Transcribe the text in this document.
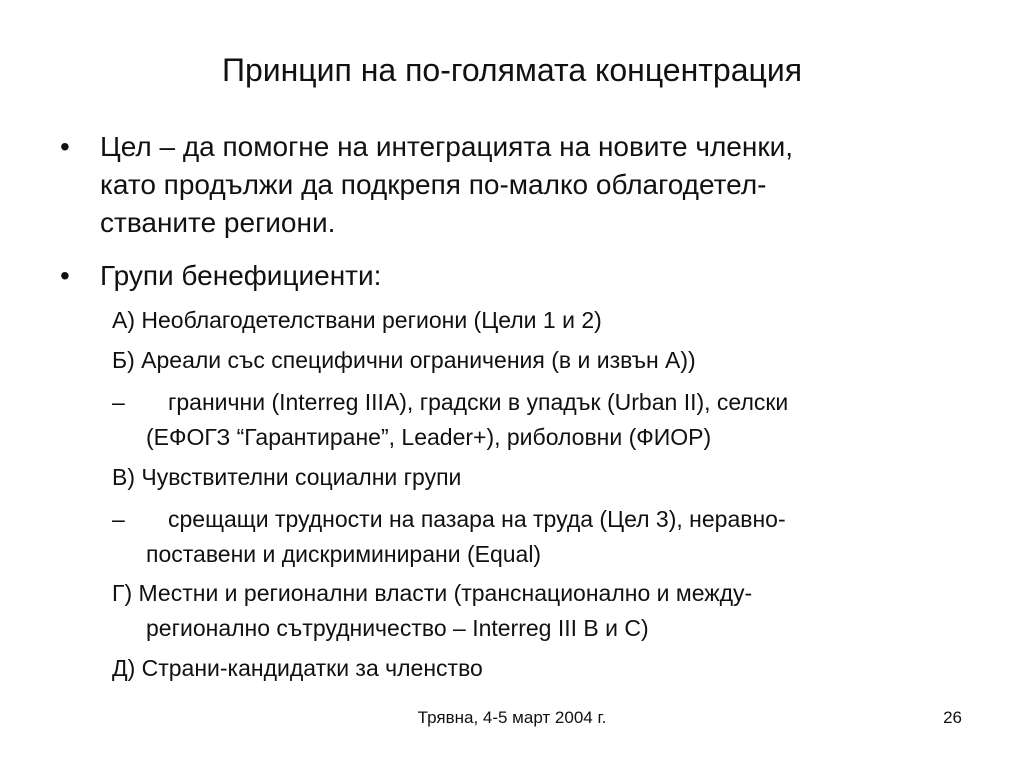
Принцип на по-голямата концентрация
• Цел – да помогне на интеграцията на новите членки,
като продължи да подкрепя по-малко облагодетел-
стваните региони.
• Групи бенефициенти:
А) Необлагодетелствани региони (Цели 1 и 2)
Б) Ареали със специфични ограничения (в и извън А))
– гранични (Interreg IIIA), градски в упадък (Urban II), селски
(ЕФОГЗ “Гарантиране”, Leader+), риболовни (ФИОР)
В) Чувствителни социални групи
– срещащи трудности на пазара на труда (Цел 3), неравно-
поставени и дискриминирани (Equal)
Г) Местни и регионални власти (транснационално и между-
регионално сътрудничество – Interreg III B и C)
Д) Страни-кандидатки за членство
Трявна, 4-5 март 2004 г.	26
